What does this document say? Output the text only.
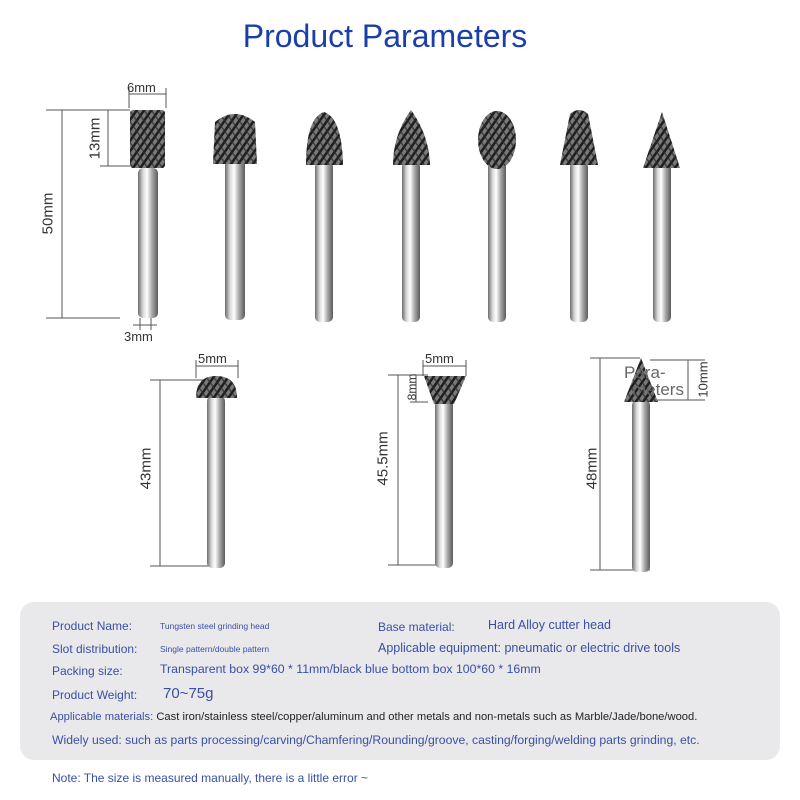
Product Parameters
6mm
13mm
50mm
3mm
5mm
43mm
5mm
8mm
45.5mm
10mm
48mm
Para-
meters
Product Name:	Tungsten steel grinding head	Base material:	Hard Alloy cutter head
Slot distribution:	Single pattern/double pattern	Applicable equipment: pneumatic or electric drive tools
Packing size:	Transparent box 99*60 * 11mm/black blue bottom box 100*60 * 16mm
Product Weight: 70~75g
Applicable materials: Cast iron/stainless steel/copper/aluminum and other metals and non-metals such as Marble/Jade/bone/wood.
Widely used: such as parts processing/carving/Chamfering/Rounding/groove, casting/forging/welding parts grinding, etc.
Note: The size is measured manually, there is a little error ~
